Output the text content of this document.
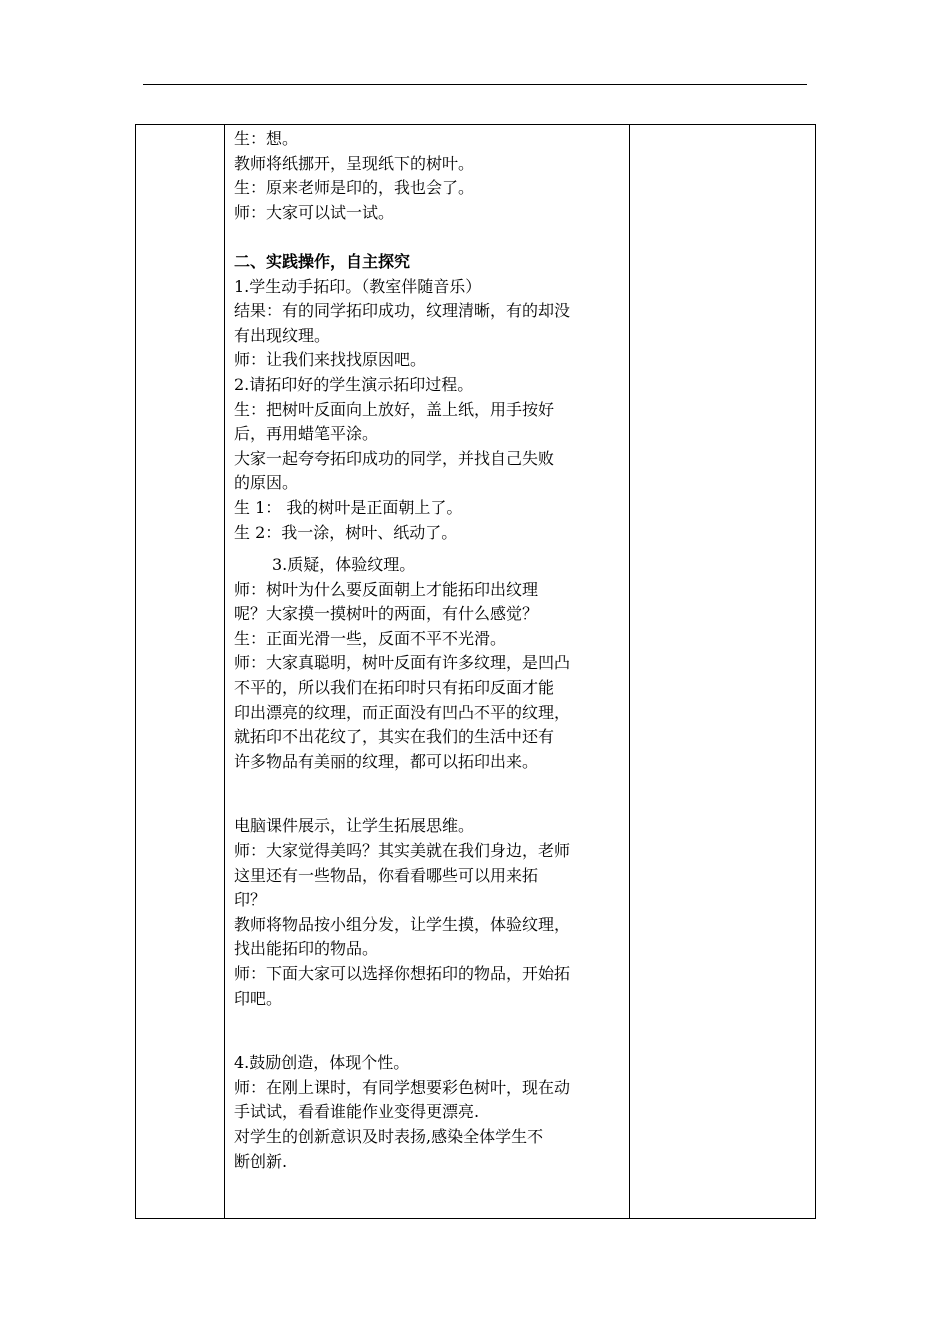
生：想。
教师将纸挪开，呈现纸下的树叶。
生：原来老师是印的，我也会了。
师：大家可以试一试。
二、实践操作，自主探究
1.学生动手拓印。（教室伴随音乐）
结果：有的同学拓印成功，纹理清晰，有的却没
有出现纹理。
师：让我们来找找原因吧。
2.请拓印好的学生演示拓印过程。
生：把树叶反面向上放好，盖上纸，用手按好
后，再用蜡笔平涂。
大家一起夸夸拓印成功的同学，并找自己失败
的原因。
生 1： 我的树叶是正面朝上了。
生 2：我一涂，树叶、纸动了。
3.质疑，体验纹理。
师：树叶为什么要反面朝上才能拓印出纹理
呢？大家摸一摸树叶的两面，有什么感觉？
生：正面光滑一些，反面不平不光滑。
师：大家真聪明，树叶反面有许多纹理，是凹凸
不平的，所以我们在拓印时只有拓印反面才能
印出漂亮的纹理，而正面没有凹凸不平的纹理，
就拓印不出花纹了，其实在我们的生活中还有
许多物品有美丽的纹理，都可以拓印出来。
电脑课件展示，让学生拓展思维。
师：大家觉得美吗？其实美就在我们身边，老师
这里还有一些物品，你看看哪些可以用来拓
印？
教师将物品按小组分发，让学生摸，体验纹理，
找出能拓印的物品。
师：下面大家可以选择你想拓印的物品，开始拓
印吧。
4.鼓励创造，体现个性。
师：在刚上课时，有同学想要彩色树叶，现在动
手试试，看看谁能作业变得更漂亮.
对学生的创新意识及时表扬,感染全体学生不
断创新.
